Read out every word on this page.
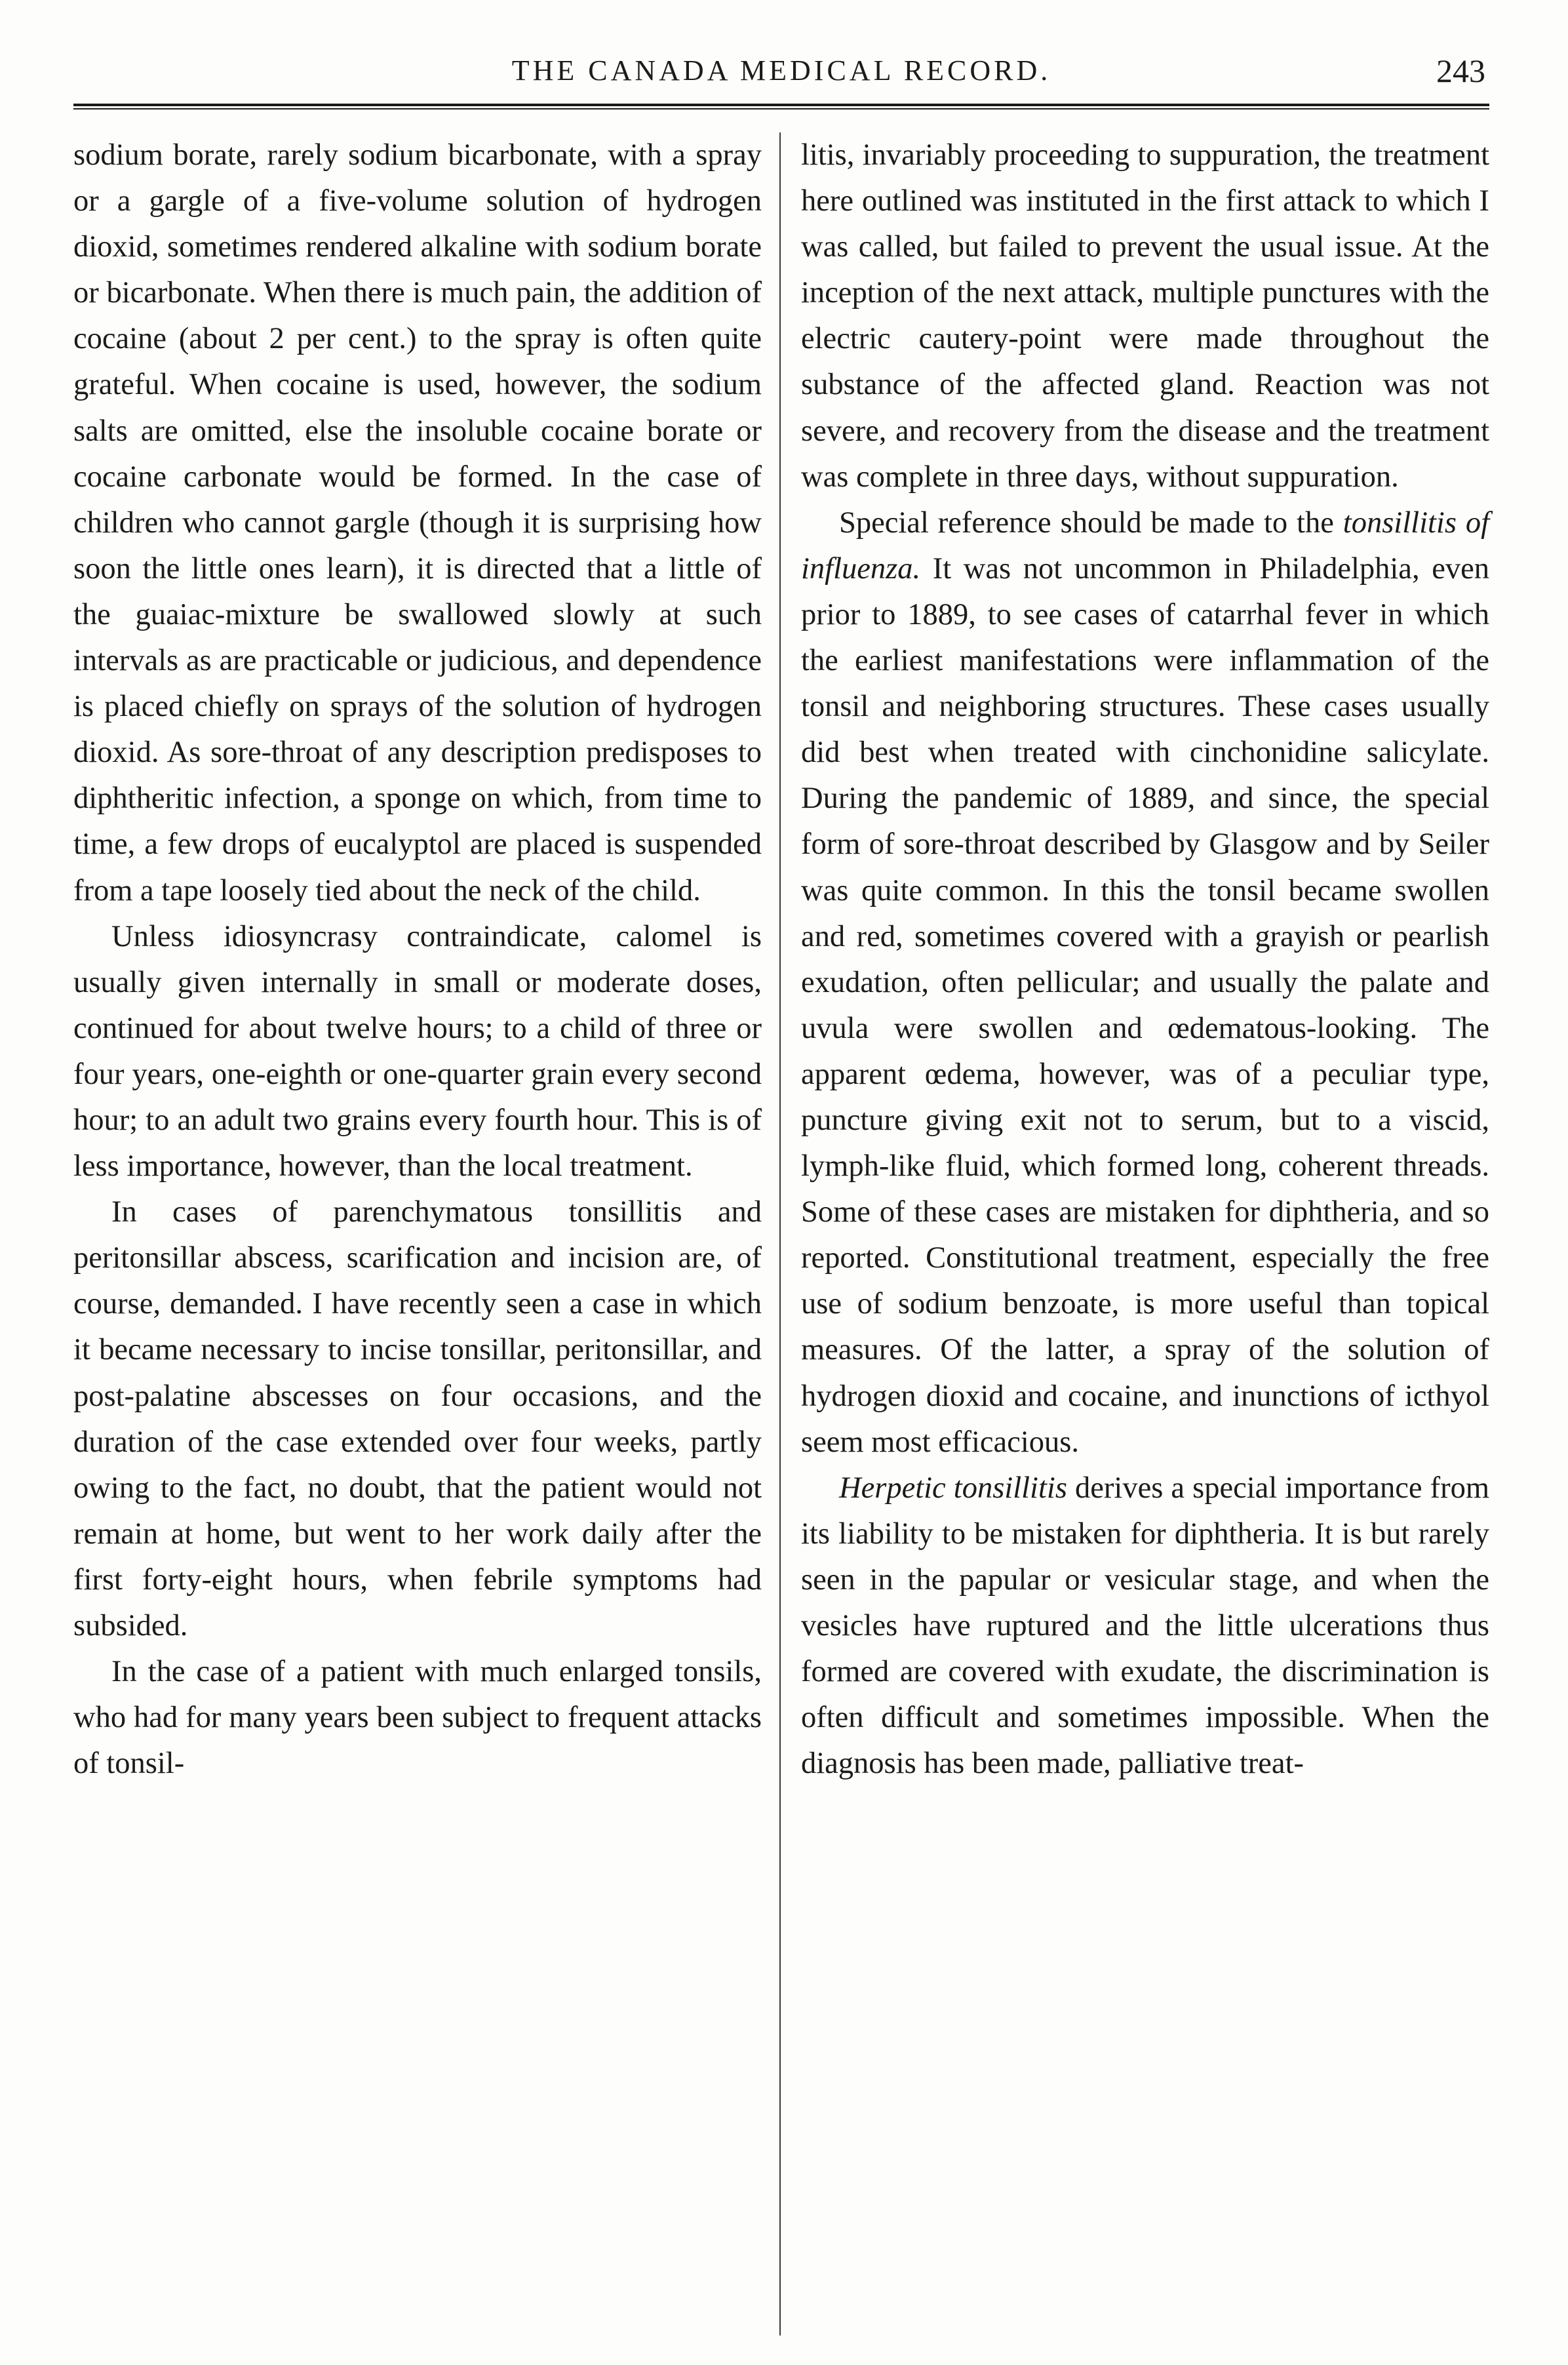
THE CANADA MEDICAL RECORD.	243

sodium borate, rarely sodium bicarbonate, with a spray or a gargle of a five-volume solution of hydrogen dioxid, sometimes rendered alkaline with sodium borate or bicarbonate. When there is much pain, the addition of cocaine (about 2 per cent.) to the spray is often quite grateful. When cocaine is used, however, the sodium salts are omitted, else the insoluble cocaine borate or cocaine carbonate would be formed. In the case of children who cannot gargle (though it is surprising how soon the little ones learn), it is directed that a little of the guaiac-mixture be swallowed slowly at such intervals as are practicable or judicious, and dependence is placed chiefly on sprays of the solution of hydrogen dioxid. As sore-throat of any description predisposes to diphtheritic infection, a sponge on which, from time to time, a few drops of eucalyptol are placed is suspended from a tape loosely tied about the neck of the child.

Unless idiosyncrasy contraindicate, calomel is usually given internally in small or moderate doses, continued for about twelve hours; to a child of three or four years, one-eighth or one-quarter grain every second hour; to an adult two grains every fourth hour. This is of less importance, however, than the local treatment.

In cases of parenchymatous tonsillitis and peritonsillar abscess, scarification and incision are, of course, demanded. I have recently seen a case in which it became necessary to incise tonsillar, peritonsillar, and post-palatine abscesses on four occasions, and the duration of the case extended over four weeks, partly owing to the fact, no doubt, that the patient would not remain at home, but went to her work daily after the first forty-eight hours, when febrile symptoms had subsided.

In the case of a patient with much enlarged tonsils, who had for many years been subject to frequent attacks of tonsil-

litis, invariably proceeding to suppuration, the treatment here outlined was instituted in the first attack to which I was called, but failed to prevent the usual issue. At the inception of the next attack, multiple punctures with the electric cautery-point were made throughout the substance of the affected gland. Reaction was not severe, and recovery from the disease and the treatment was complete in three days, without suppuration.

Special reference should be made to the tonsillitis of influenza. It was not uncommon in Philadelphia, even prior to 1889, to see cases of catarrhal fever in which the earliest manifestations were inflammation of the tonsil and neighboring structures. These cases usually did best when treated with cinchonidine salicylate. During the pandemic of 1889, and since, the special form of sore-throat described by Glasgow and by Seiler was quite common. In this the tonsil became swollen and red, sometimes covered with a grayish or pearlish exudation, often pellicular; and usually the palate and uvula were swollen and œdematous-looking. The apparent œdema, however, was of a peculiar type, puncture giving exit not to serum, but to a viscid, lymph-like fluid, which formed long, coherent threads. Some of these cases are mistaken for diphtheria, and so reported. Constitutional treatment, especially the free use of sodium benzoate, is more useful than topical measures. Of the latter, a spray of the solution of hydrogen dioxid and cocaine, and inunctions of icthyol seem most efficacious.

Herpetic tonsillitis derives a special importance from its liability to be mistaken for diphtheria. It is but rarely seen in the papular or vesicular stage, and when the vesicles have ruptured and the little ulcerations thus formed are covered with exudate, the discrimination is often difficult and sometimes impossible. When the diagnosis has been made, palliative treat-
